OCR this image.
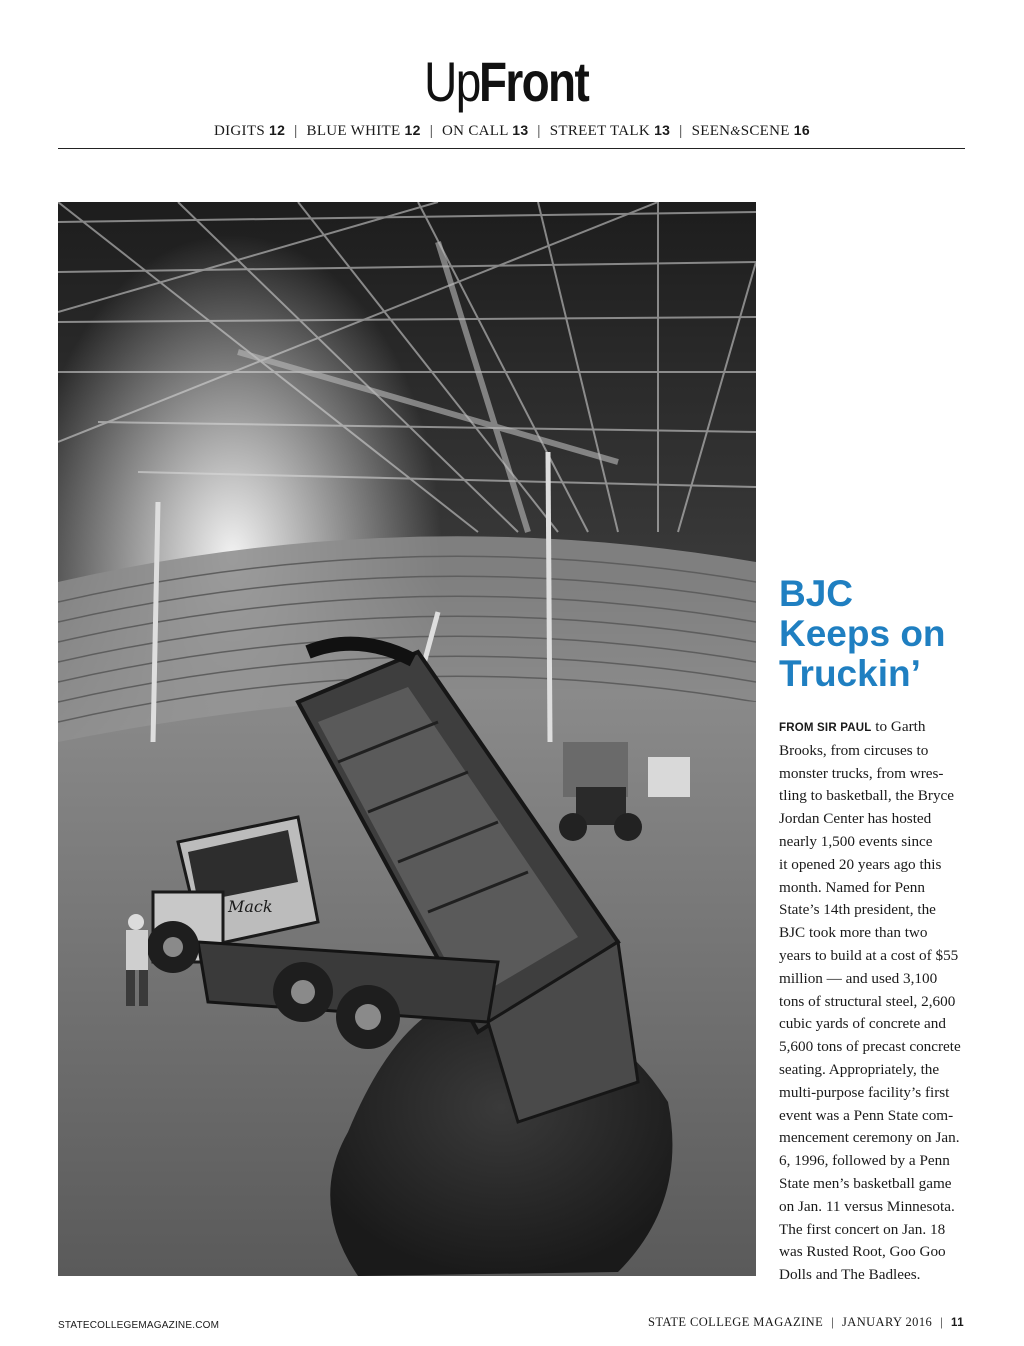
UpFront
DIGITS 12 | BLUE WHITE 12 | ON CALL 13 | STREET TALK 13 | SEEN&SCENE 16
Mack
BJC
Keeps on
Truckin’
FROM SIR PAUL to Garth
Brooks, from circuses to
monster trucks, from wres-
tling to basketball, the Bryce
Jordan Center has hosted
nearly 1,500 events since
it opened 20 years ago this
month. Named for Penn
State’s 14th president, the
BJC took more than two
years to build at a cost of $55
million — and used 3,100
tons of structural steel, 2,600
cubic yards of concrete and
5,600 tons of precast concrete
seating. Appropriately, the
multi-purpose facility’s first
event was a Penn State com-
mencement ceremony on Jan.
6, 1996, followed by a Penn
State men’s basketball game
on Jan. 11 versus Minnesota.
The first concert on Jan. 18
was Rusted Root, Goo Goo
Dolls and The Badlees.
STATECOLLEGEMAGAZINE.COM	STATE COLLEGE MAGAZINE | JANUARY 2016 | 11
